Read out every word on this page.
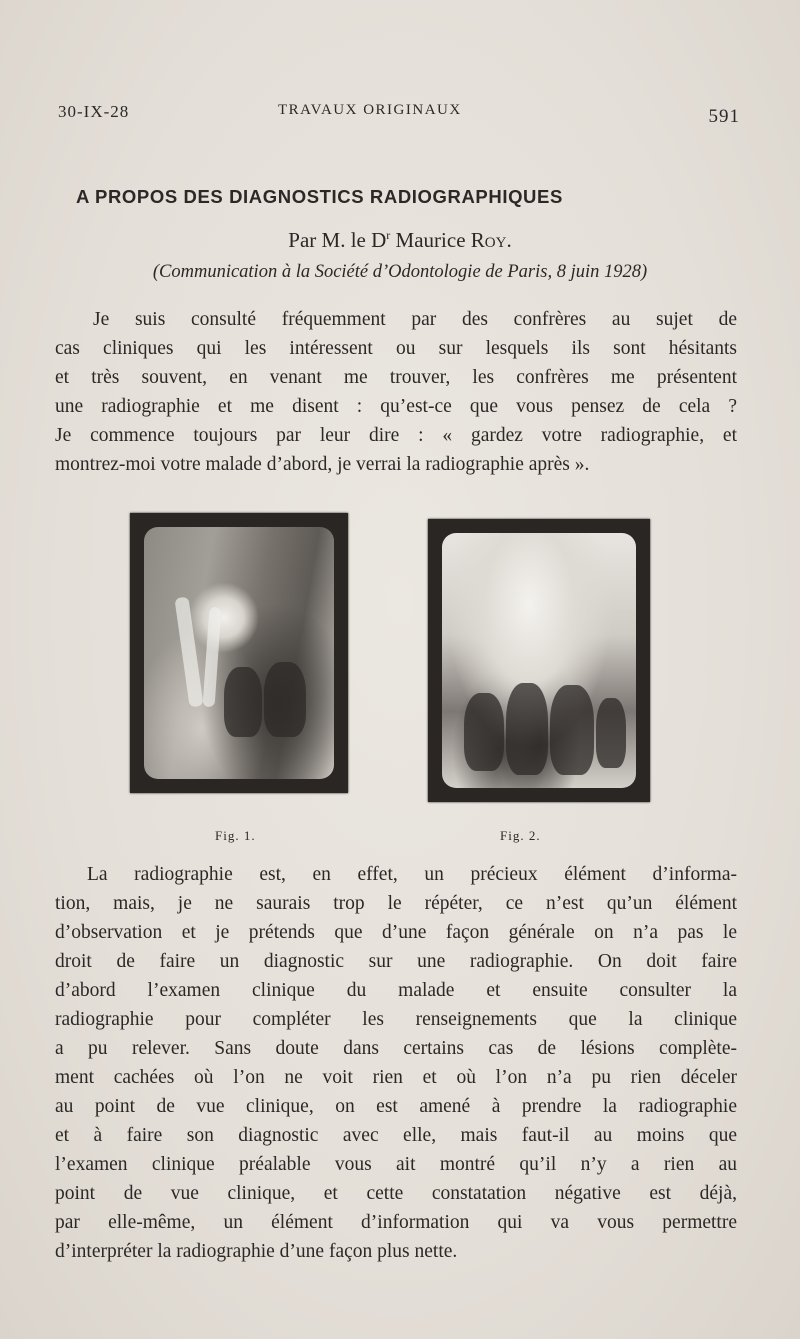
30-IX-28	TRAVAUX ORIGINAUX	591
A PROPOS DES DIAGNOSTICS RADIOGRAPHIQUES
Par M. le $D^r$ Maurice Roy.
(Communication à la Société d’Odontologie de Paris, 8 juin 1928)
Je suis consulté fréquemment par des confrères au sujet de
cas cliniques qui les intéressent ou sur lesquels ils sont hésitants
et très souvent, en venant me trouver, les confrères me présentent
une radiographie et me disent : qu’est-ce que vous pensez de cela ?
Je commence toujours par leur dire : « gardez votre radiographie, et
montrez-moi votre malade d’abord, je verrai la radiographie après ».
Fig. 1.	Fig. 2.
La radiographie est, en effet, un précieux élément d’informa-
tion, mais, je ne saurais trop le répéter, ce n’est qu’un élément
d’observation et je prétends que d’une façon générale on n’a pas le
droit de faire un diagnostic sur une radiographie. On doit faire
d’abord l’examen clinique du malade et ensuite consulter la
radiographie pour compléter les renseignements que la clinique
a pu relever. Sans doute dans certains cas de lésions complète-
ment cachées où l’on ne voit rien et où l’on n’a pu rien déceler
au point de vue clinique, on est amené à prendre la radiographie
et à faire son diagnostic avec elle, mais faut-il au moins que
l’examen clinique préalable vous ait montré qu’il n’y a rien au
point de vue clinique, et cette constatation négative est déjà,
par elle-même, un élément d’information qui va vous permettre
d’interpréter la radiographie d’une façon plus nette.
